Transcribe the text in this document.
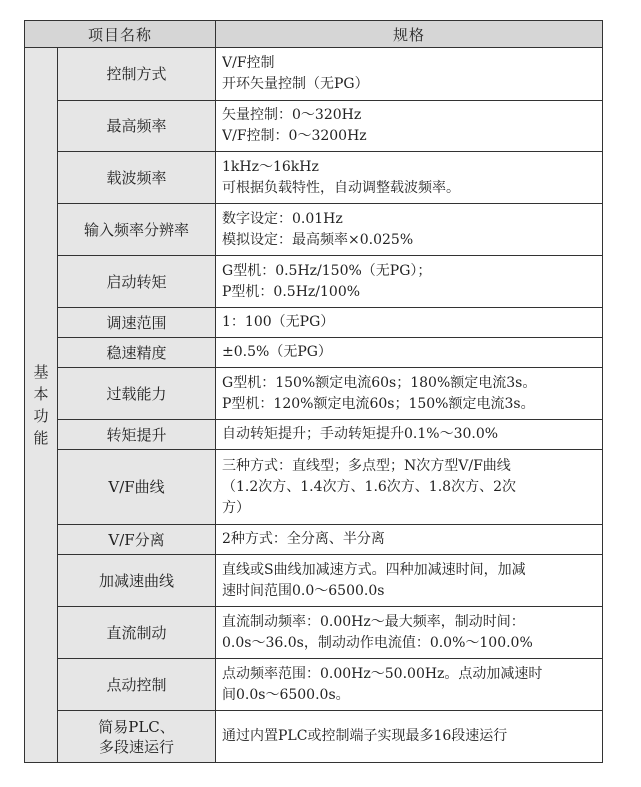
项目名称		规格

基本功能	控制方式	V/F控制
开环矢量控制（无PG）

	最高频率	矢量控制：0～320Hz
V/F控制：0～3200Hz

	载波频率	1kHz～16kHz
可根据负载特性，自动调整载波频率。

	输入频率分辨率	数字设定：0.01Hz
模拟设定：最高频率×0.025%

	启动转矩	G型机：0.5Hz/150%（无PG）；
P型机：0.5Hz/100%

	调速范围	1：100（无PG）

	稳速精度	±0.5%（无PG）

	过载能力	G型机：150%额定电流60s；180%额定电流3s。
P型机：120%额定电流60s；150%额定电流3s。

	转矩提升	自动转矩提升；手动转矩提升0.1%～30.0%

	V/F曲线	三种方式：直线型；多点型；N次方型V/F曲线
（1.2次方、1.4次方、1.6次方、1.8次方、2次
方）

	V/F分离	2种方式：全分离、半分离

	加减速曲线	直线或S曲线加减速方式。四种加减速时间，加减
速时间范围0.0～6500.0s

	直流制动	直流制动频率：0.00Hz～最大频率，制动时间：
0.0s～36.0s，制动动作电流值：0.0%～100.0%

	点动控制	点动频率范围：0.00Hz～50.00Hz。点动加减速时
间0.0s～6500.0s。

	简易PLC、
多段速运行	通过内置PLC或控制端子实现最多16段速运行
